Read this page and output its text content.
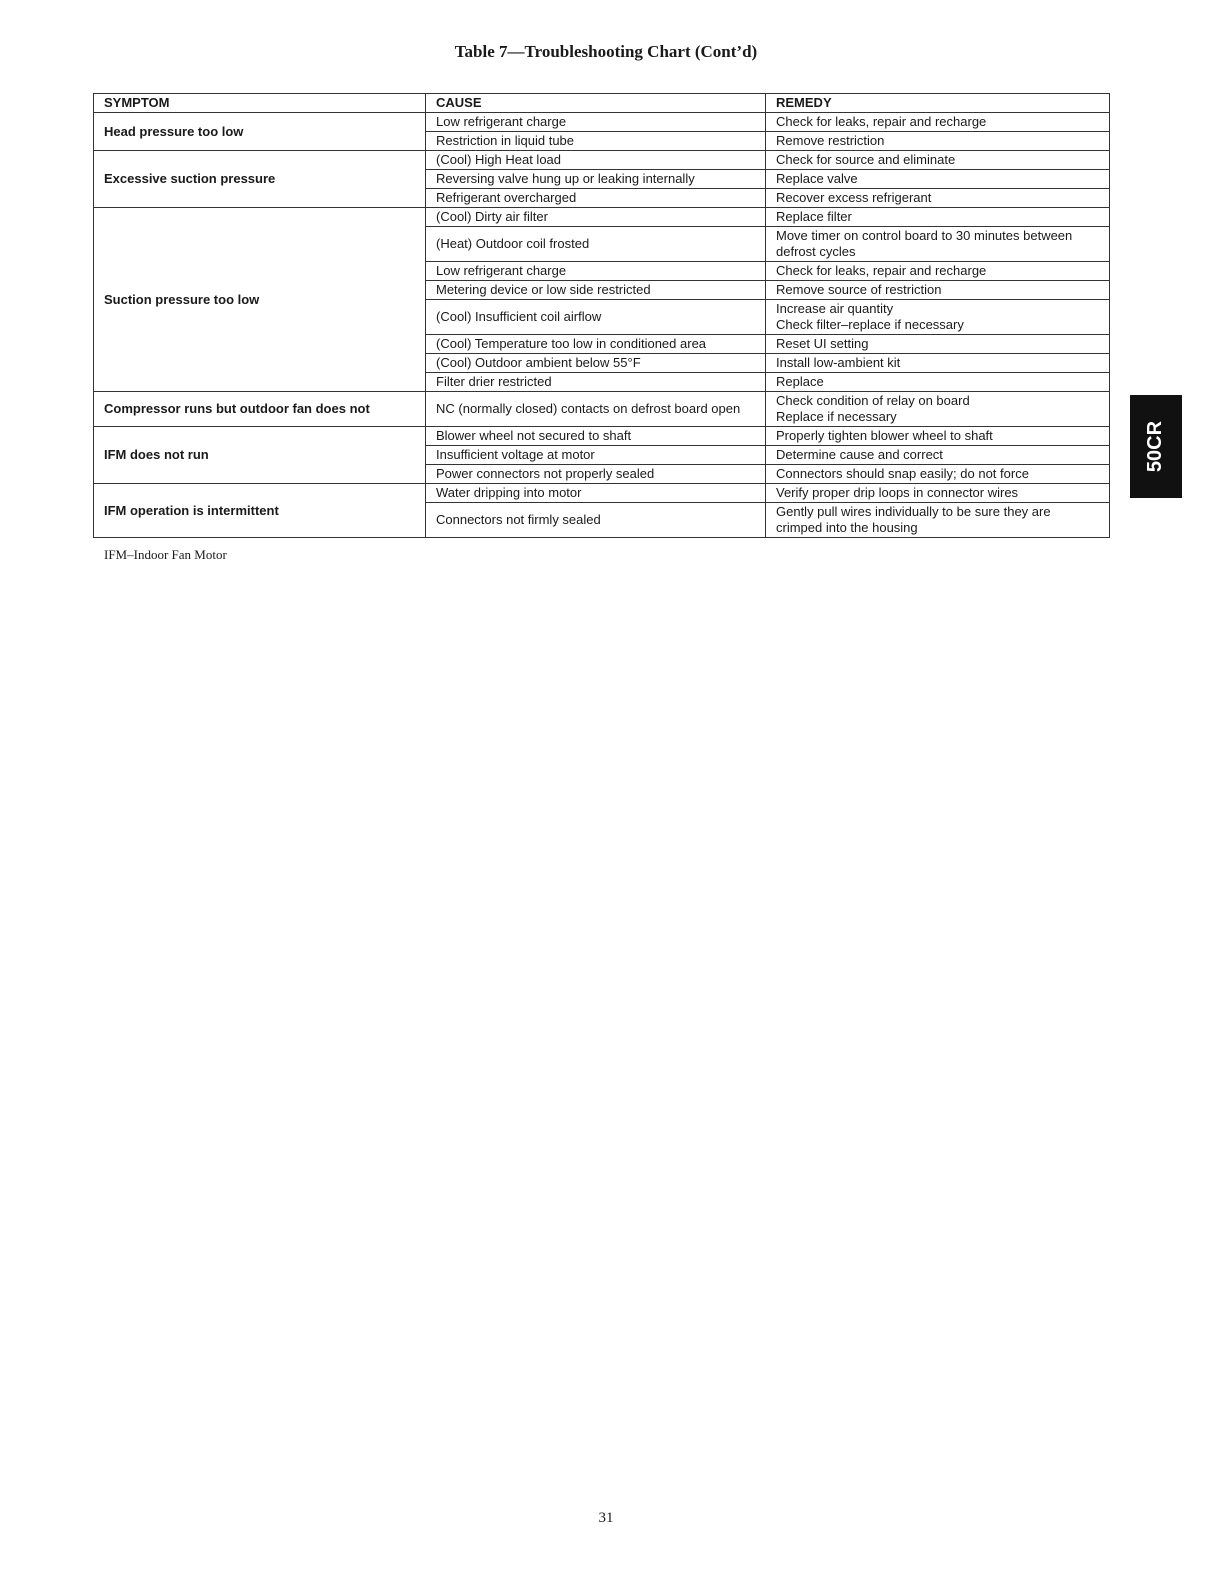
Table 7—Troubleshooting Chart (Cont’d)
SYMPTOM	CAUSE	REMEDY
Head pressure too low	Low refrigerant charge	Check for leaks, repair and recharge

	Restriction in liquid tube	Remove restriction

Excessive suction pressure	(Cool) High Heat load	Check for source and eliminate

	Reversing valve hung up or leaking internally	Replace valve

	Refrigerant overcharged	Recover excess refrigerant

Suction pressure too low	(Cool) Dirty air filter	Replace filter

	(Heat) Outdoor coil frosted	Move timer on control board to 30 minutes between defrost cycles

	Low refrigerant charge	Check for leaks, repair and recharge

	Metering device or low side restricted	Remove source of restriction

	(Cool) Insufficient coil airflow	Increase air quantity
Check filter–replace if necessary

	(Cool) Temperature too low in conditioned area	Reset UI setting

	(Cool) Outdoor ambient below 55°F	Install low-ambient kit

	Filter drier restricted	Replace

Compressor runs but outdoor fan does not	NC (normally closed) contacts on defrost board open	Check condition of relay on board
Replace if necessary

IFM does not run	Blower wheel not secured to shaft	Properly tighten blower wheel to shaft

	Insufficient voltage at motor	Determine cause and correct

	Power connectors not properly sealed	Connectors should snap easily; do not force

IFM operation is intermittent	Water dripping into motor	Verify proper drip loops in connector wires

	Connectors not firmly sealed	Gently pull wires individually to be sure they are crimped into the housing
IFM–Indoor Fan Motor
50CR
31
